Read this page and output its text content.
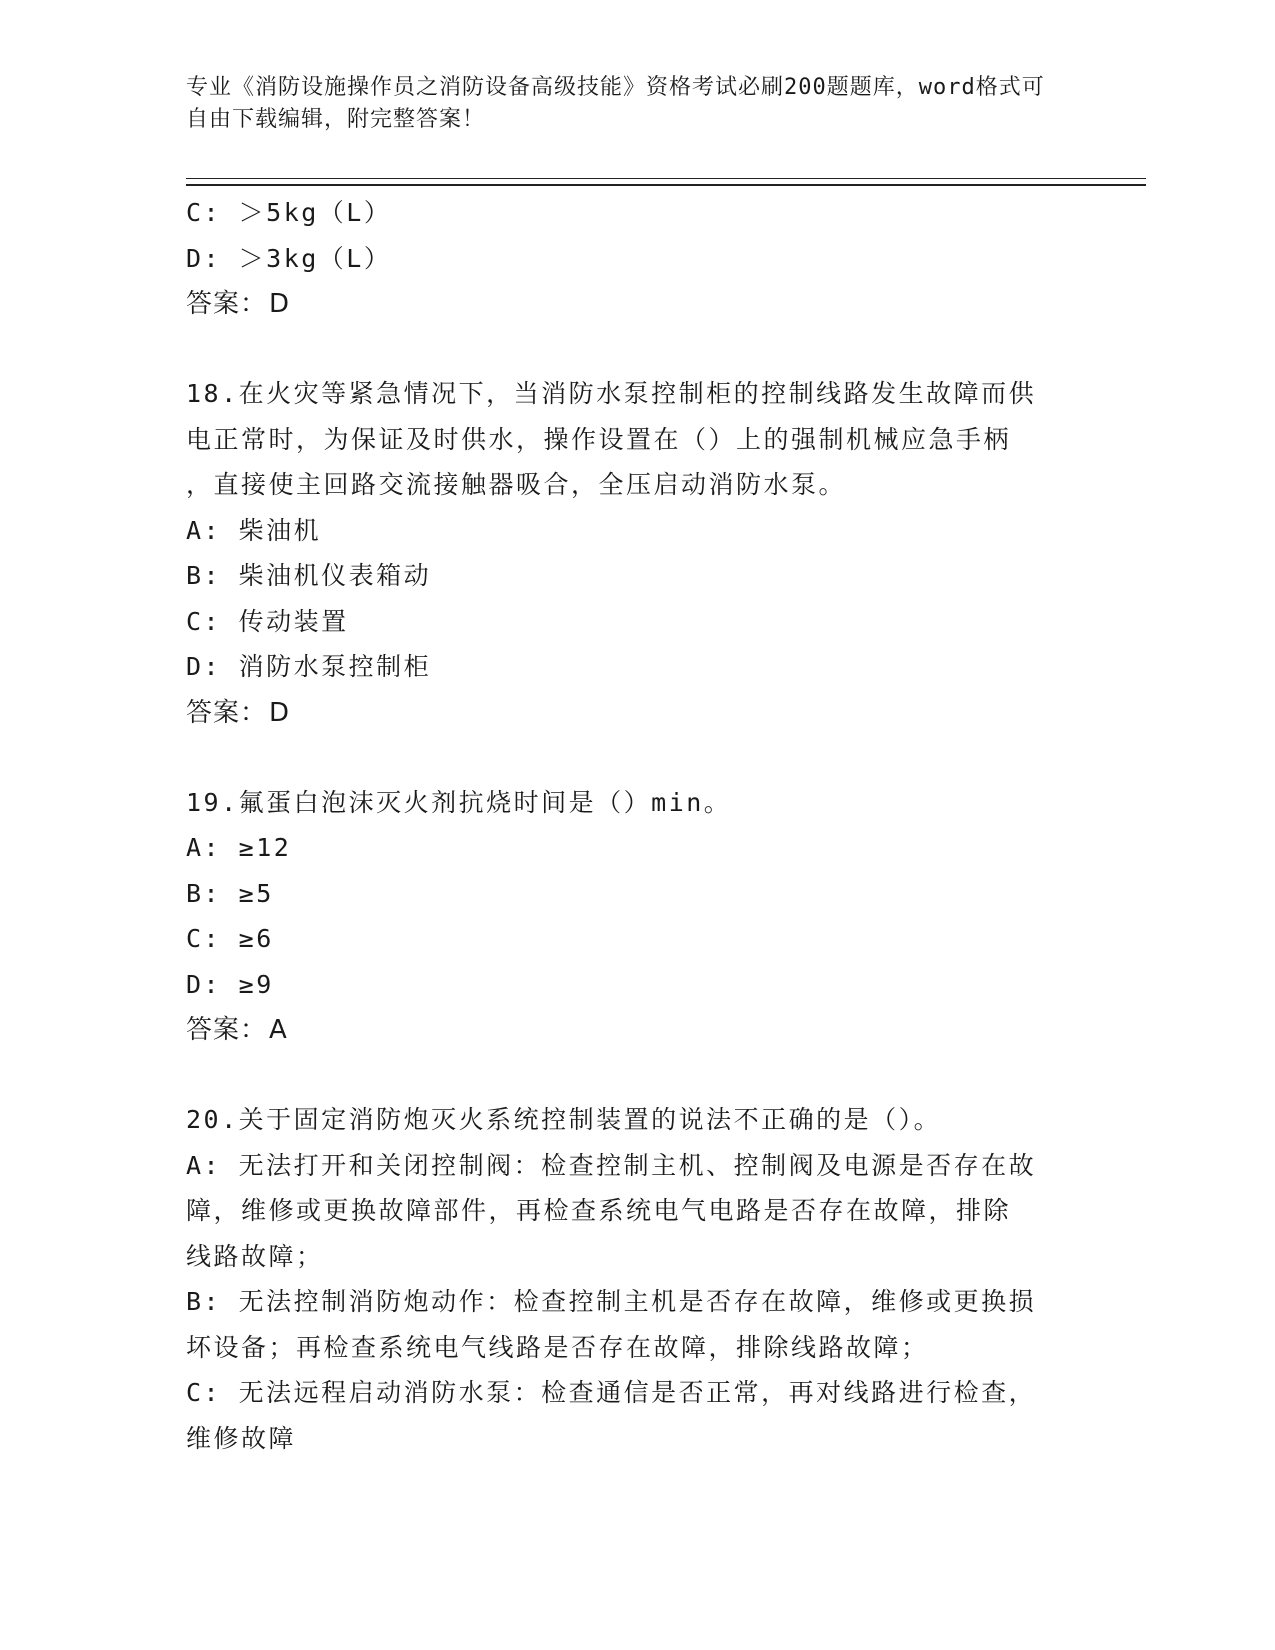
专业《消防设施操作员之消防设备高级技能》资格考试必刷200题题库，word格式可自由下载编辑，附完整答案！
C: ＞5kg（L）
D: ＞3kg（L）
答案：D
18.在火灾等紧急情况下，当消防水泵控制柜的控制线路发生故障而供
电正常时，为保证及时供水，操作设置在（）上的强制机械应急手柄
，直接使主回路交流接触器吸合，全压启动消防水泵。
A: 柴油机
B: 柴油机仪表箱动
C: 传动装置
D: 消防水泵控制柜
答案：D
19.氟蛋白泡沫灭火剂抗烧时间是（）min。
A: ≥12
B: ≥5
C: ≥6
D: ≥9
答案：A
20.关于固定消防炮灭火系统控制装置的说法不正确的是（）。
A: 无法打开和关闭控制阀：检查控制主机、控制阀及电源是否存在故
障，维修或更换故障部件，再检查系统电气电路是否存在故障，排除
线路故障；
B: 无法控制消防炮动作：检查控制主机是否存在故障，维修或更换损
坏设备；再检查系统电气线路是否存在故障，排除线路故障；
C: 无法远程启动消防水泵：检查通信是否正常，再对线路进行检查，
维修故障
